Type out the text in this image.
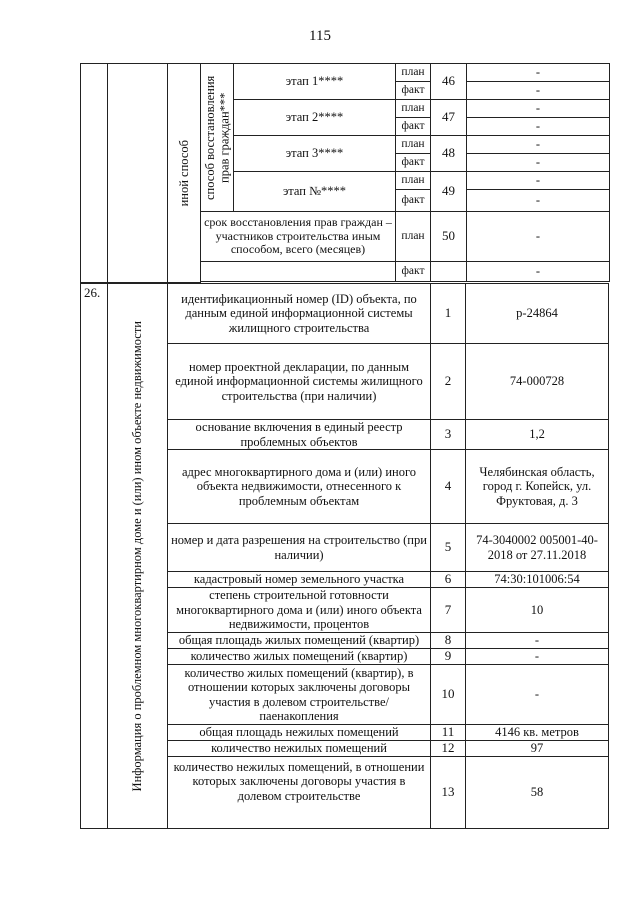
115

		иной способ	способ восстановления прав граждан***	этап 1****	план	46	-
					факт		-
				этап 2****	план	47	-
					факт		-
				этап 3****	план	48	-
					факт		-
				этап №****	план	49	-
					факт		-
			срок восстановления прав граждан – участников строительства иным способом, всего (месяцев)		план	50	-
					факт		-

26.	Информация о проблемном многоквартирном доме и (или) ином объекте недвижимости	идентификационный номер (ID) объекта, по данным единой информационной системы жилищного строительства	1	р-24864
		номер проектной декларации, по данным единой информационной системы жилищного строительства (при наличии)	2	74-000728
		основание включения в единый реестр проблемных объектов	3	1,2
		адрес многоквартирного дома и (или) иного объекта недвижимости, отнесенного к проблемным объектам	4	Челябинская область, город г. Копейск, ул. Фруктовая, д. 3
		номер и дата разрешения на строительство (при наличии)	5	74-3040002 005001-40-2018 от 27.11.2018
		кадастровый номер земельного участка	6	74:30:101006:54
		степень строительной готовности многоквартирного дома и (или) иного объекта недвижимости, процентов	7	10
		общая площадь жилых помещений (квартир)	8	-
		количество жилых помещений (квартир)	9	-
		количество жилых помещений (квартир), в отношении которых заключены договоры участия в долевом строительстве/паенакопления	10	-
		общая площадь нежилых помещений	11	4146 кв. метров
		количество нежилых помещений	12	97
		количество нежилых помещений, в отношении которых заключены договоры участия в долевом строительстве	13	58
